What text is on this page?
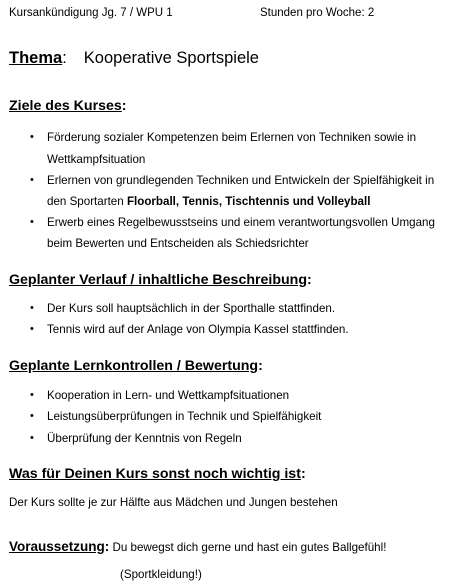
Kursankündigung Jg. 7 / WPU 1	Stunden pro Woche: 2
Thema: Kooperative Sportspiele
Ziele des Kurses:
• Förderung sozialer Kompetenzen beim Erlernen von Techniken sowie in
Wettkampfsituation
• Erlernen von grundlegenden Techniken und Entwickeln der Spielfähigkeit in
den Sportarten Floorball, Tennis, Tischtennis und Volleyball
• Erwerb eines Regelbewusstseins und einem verantwortungsvollen Umgang
beim Bewerten und Entscheiden als Schiedsrichter
Geplanter Verlauf / inhaltliche Beschreibung:
• Der Kurs soll hauptsächlich in der Sporthalle stattfinden.
• Tennis wird auf der Anlage von Olympia Kassel stattfinden.
Geplante Lernkontrollen / Bewertung:
• Kooperation in Lern- und Wettkampfsituationen
• Leistungsüberprüfungen in Technik und Spielfähigkeit
• Überprüfung der Kenntnis von Regeln
Was für Deinen Kurs sonst noch wichtig ist:
Der Kurs sollte je zur Hälfte aus Mädchen und Jungen bestehen
Voraussetzung: Du bewegst dich gerne und hast ein gutes Ballgefühl!
(Sportkleidung!)
